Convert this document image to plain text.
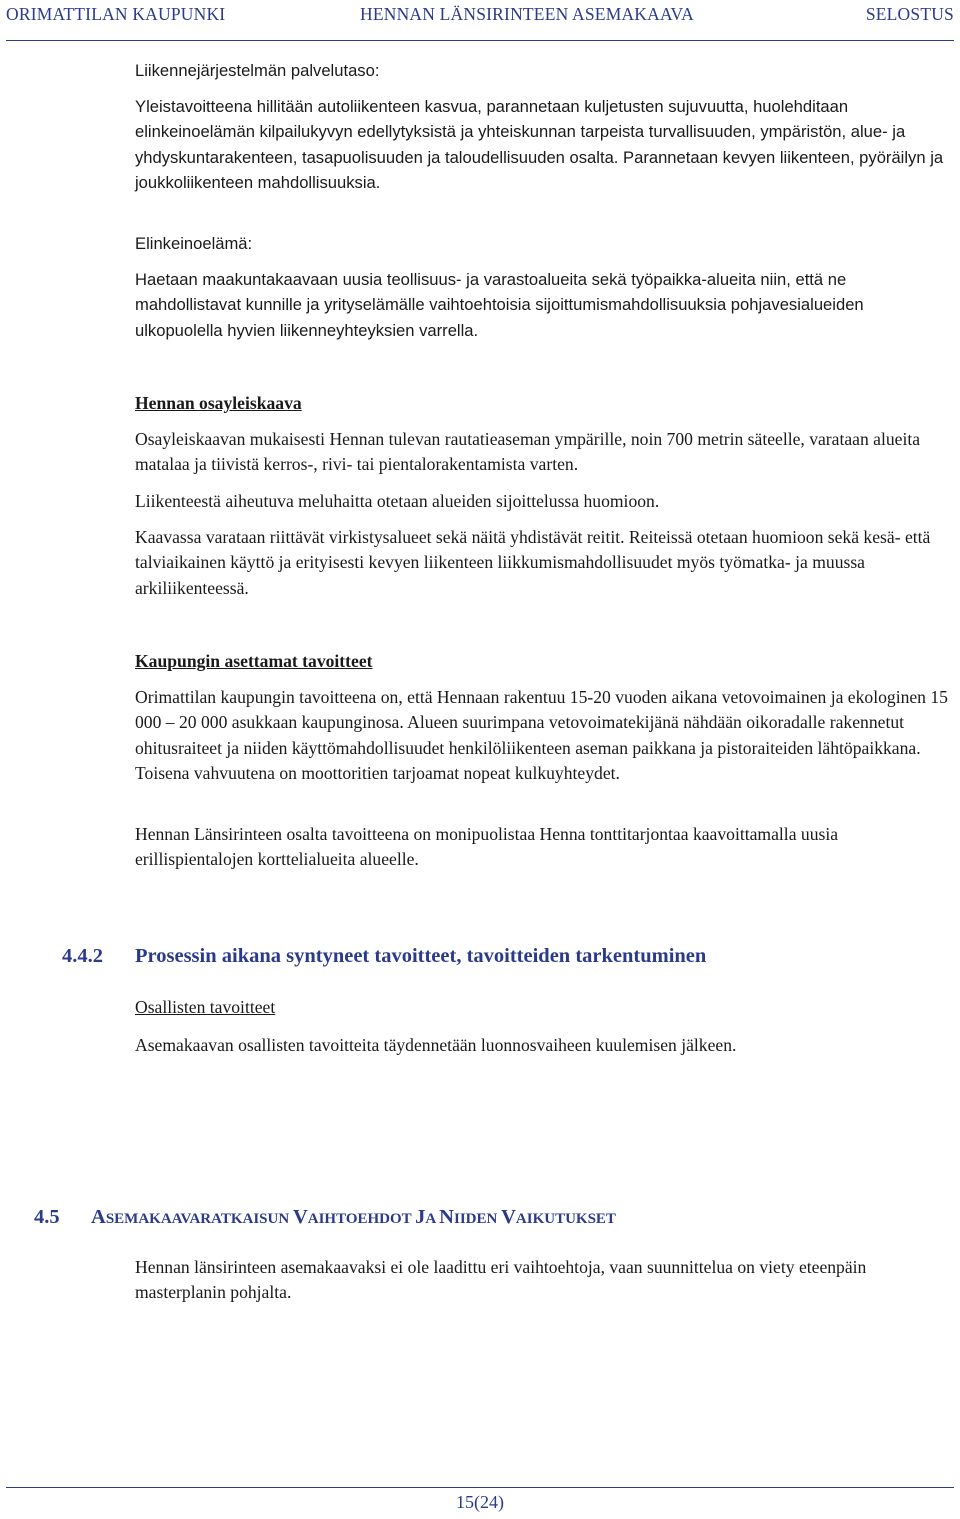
ORIMATTILAN KAUPUNKI	HENNAN LÄNSIRINTEEN ASEMAKAAVA	SELOSTUS

Liikennejärjestelmän palvelutaso:

Yleistavoitteena hillitään autoliikenteen kasvua, parannetaan kuljetusten sujuvuutta, huolehditaan elinkeinoelämän kilpailukyvyn edellytyksistä ja yhteiskunnan tarpeista turvallisuuden, ympäristön, alue- ja yhdyskuntarakenteen, tasapuolisuuden ja taloudellisuuden osalta. Parannetaan kevyen liikenteen, pyöräilyn ja joukkoliikenteen mahdollisuuksia.

Elinkeinoelämä:

Haetaan maakuntakaavaan uusia teollisuus- ja varastoalueita sekä työpaikka-alueita niin, että ne mahdollistavat kunnille ja yrityselämälle vaihtoehtoisia sijoittumismahdollisuuksia pohjavesialueiden ulkopuolella hyvien liikenneyhteyksien varrella.

Hennan osayleiskaava

Osayleiskaavan mukaisesti Hennan tulevan rautatieaseman ympärille, noin 700 metrin säteelle, varataan alueita matalaa ja tiivistä kerros-, rivi- tai pientalorakentamista varten.

Liikenteestä aiheutuva meluhaitta otetaan alueiden sijoittelussa huomioon.

Kaavassa varataan riittävät virkistysalueet sekä näitä yhdistävät reitit. Reiteissä otetaan huomioon sekä kesä- että talviaikainen käyttö ja erityisesti kevyen liikenteen liikkumismahdollisuudet myös työmatka- ja muussa arkiliikenteessä.

Kaupungin asettamat tavoitteet

Orimattilan kaupungin tavoitteena on, että Hennaan rakentuu 15-20 vuoden aikana vetovoimainen ja ekologinen 15 000 – 20 000 asukkaan kaupunginosa. Alueen suurimpana vetovoimatekijänä nähdään oikoradalle rakennetut ohitusraiteet ja niiden käyttömahdollisuudet henkilöliikenteen aseman paikkana ja pistoraiteiden lähtöpaikkana. Toisena vahvuutena on moottoritien tarjoamat nopeat kulkuyhteydet.

Hennan Länsirinteen osalta tavoitteena on monipuolistaa Henna tonttitarjontaa kaavoittamalla uusia erillispientalojen korttelialueita alueelle.

4.4.2 Prosessin aikana syntyneet tavoitteet, tavoitteiden tarkentuminen

Osallisten tavoitteet

Asemakaavan osallisten tavoitteita täydennetään luonnosvaiheen kuulemisen jälkeen.

4.5 ASEMAKAAVARATKAISUN VAIHTOEHDOT JA NIIDEN VAIKUTUKSET

Hennan länsirinteen asemakaavaksi ei ole laadittu eri vaihtoehtoja, vaan suunnittelua on viety eteenpäin masterplanin pohjalta.

15(24)
